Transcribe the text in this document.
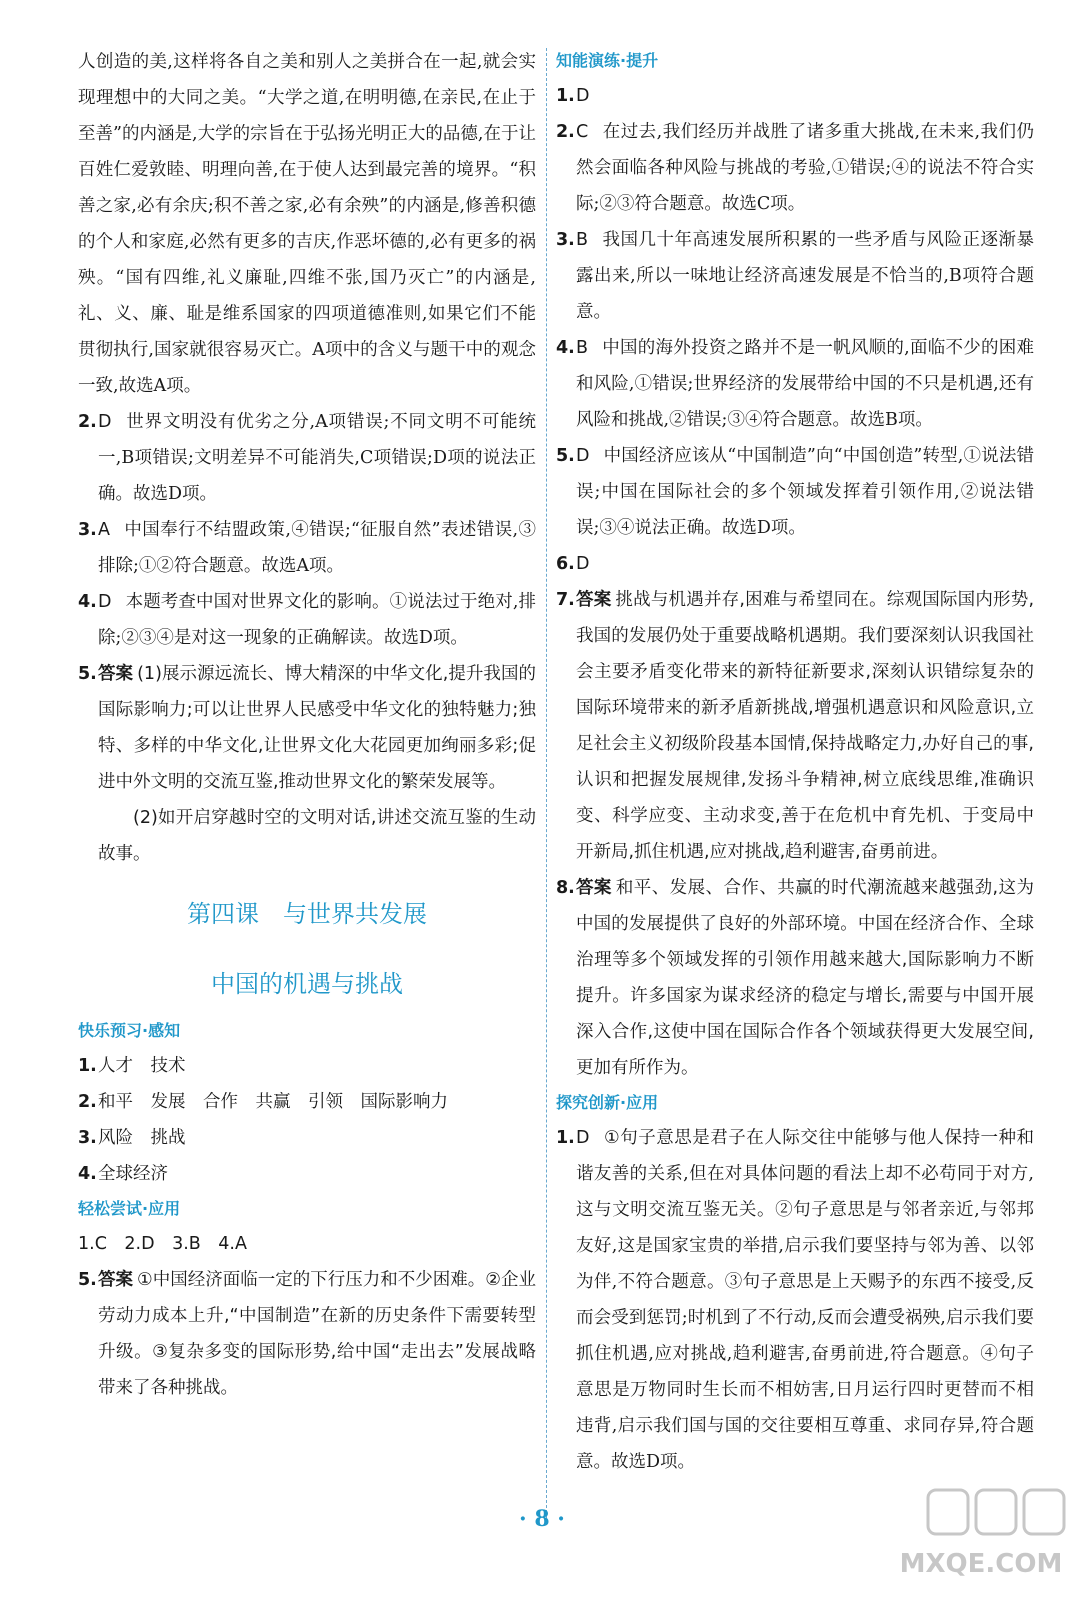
人创造的美,这样将各自之美和别人之美拼合在一起,就会实现理想中的大同之美。“大学之道,在明明德,在亲民,在止于至善”的内涵是,大学的宗旨在于弘扬光明正大的品德,在于让百姓仁爱敦睦、明理向善,在于使人达到最完善的境界。“积善之家,必有余庆;积不善之家,必有余殃”的内涵是,修善积德的个人和家庭,必然有更多的吉庆,作恶坏德的,必有更多的祸殃。“国有四维,礼义廉耻,四维不张,国乃灭亡”的内涵是,礼、义、廉、耻是维系国家的四项道德准则,如果它们不能贯彻执行,国家就很容易灭亡。A项中的含义与题干中的观念一致,故选A项。
2. D 世界文明没有优劣之分,A项错误;不同文明不可能统一,B项错误;文明差异不可能消失,C项错误;D项的说法正确。故选D项。
3. A 中国奉行不结盟政策,④错误;“征服自然”表述错误,③排除;①②符合题意。故选A项。
4. D 本题考查中国对世界文化的影响。①说法过于绝对,排除;②③④是对这一现象的正确解读。故选D项。
5. 答案 (1)展示源远流长、博大精深的中华文化,提升我国的国际影响力;可以让世界人民感受中华文化的独特魅力;独特、多样的中华文化,让世界文化大花园更加绚丽多彩;促进中外文明的交流互鉴,推动世界文化的繁荣发展等。
(2)如开启穿越时空的文明对话,讲述交流互鉴的生动故事。
第四课　与世界共发展
中国的机遇与挑战
快乐预习·感知
1. 人才　技术
2. 和平　发展　合作　共赢　引领　国际影响力
3. 风险　挑战
4. 全球经济
轻松尝试·应用
1.C　2.D　3.B　4.A
5. 答案 ①中国经济面临一定的下行压力和不少困难。②企业劳动力成本上升,“中国制造”在新的历史条件下需要转型升级。③复杂多变的国际形势,给中国“走出去”发展战略带来了各种挑战。
知能演练·提升
1. D
2. C 在过去,我们经历并战胜了诸多重大挑战,在未来,我们仍然会面临各种风险与挑战的考验,①错误;④的说法不符合实际;②③符合题意。故选C项。
3. B 我国几十年高速发展所积累的一些矛盾与风险正逐渐暴露出来,所以一味地让经济高速发展是不恰当的,B项符合题意。
4. B 中国的海外投资之路并不是一帆风顺的,面临不少的困难和风险,①错误;世界经济的发展带给中国的不只是机遇,还有风险和挑战,②错误;③④符合题意。故选B项。
5. D 中国经济应该从“中国制造”向“中国创造”转型,①说法错误;中国在国际社会的多个领域发挥着引领作用,②说法错误;③④说法正确。故选D项。
6. D
7. 答案 挑战与机遇并存,困难与希望同在。综观国际国内形势,我国的发展仍处于重要战略机遇期。我们要深刻认识我国社会主要矛盾变化带来的新特征新要求,深刻认识错综复杂的国际环境带来的新矛盾新挑战,增强机遇意识和风险意识,立足社会主义初级阶段基本国情,保持战略定力,办好自己的事,认识和把握发展规律,发扬斗争精神,树立底线思维,准确识变、科学应变、主动求变,善于在危机中育先机、于变局中开新局,抓住机遇,应对挑战,趋利避害,奋勇前进。
8. 答案 和平、发展、合作、共赢的时代潮流越来越强劲,这为中国的发展提供了良好的外部环境。中国在经济合作、全球治理等多个领域发挥的引领作用越来越大,国际影响力不断提升。许多国家为谋求经济的稳定与增长,需要与中国开展深入合作,这使中国在国际合作各个领域获得更大发展空间,更加有所作为。
探究创新·应用
1. D ①句子意思是君子在人际交往中能够与他人保持一种和谐友善的关系,但在对具体问题的看法上却不必苟同于对方,这与文明交流互鉴无关。②句子意思是与邻者亲近,与邻邦友好,这是国家宝贵的举措,启示我们要坚持与邻为善、以邻为伴,不符合题意。③句子意思是上天赐予的东西不接受,反而会受到惩罚;时机到了不行动,反而会遭受祸殃,启示我们要抓住机遇,应对挑战,趋利避害,奋勇前进,符合题意。④句子意思是万物同时生长而不相妨害,日月运行四时更替而不相违背,启示我们国与国的交往要相互尊重、求同存异,符合题意。故选D项。
· 8 ·
MXQE.COM
